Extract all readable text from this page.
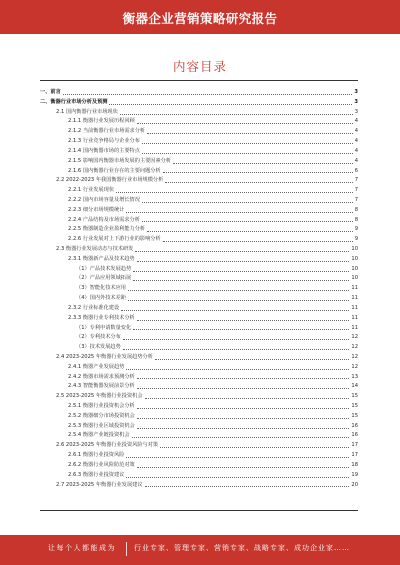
衡器企业营销策略研究报告
内容目录
一、前言	3
二、衡器行业市场分析及预测	3
2.1 国内衡器行业市场现状	3
2.1.1 衡器行业发展历程回顾	4
2.1.2 当前衡器行业市场需求分析	4
2.1.3 行业竞争格局与企业分布	4
2.1.4 国内衡器市场的主要特点	4
2.1.5 影响国内衡器市场发展的主要因素分析	4
2.1.6 国内衡器行业存在的主要问题分析	6
2.2 2022-2023 年我国衡器行业市场规模分析	7
2.2.1 行业发展现状	7
2.2.2 国内市场容量及增长情况	7
2.2.3 细分市场规模统计	8
2.2.4 产品结构及市场需求分析	8
2.2.5 衡器制造企业盈利能力分析	9
2.2.6 行业发展对上下游行业的影响分析	9
2.3 衡器行业发展动态与技术研发	10
2.3.1 衡器新产品及技术趋势	10
（1）产品技术发展趋势	10
（2）产品应用领域拓展	10
（3）智能化技术应用	11
（4）国内外技术差距	11
2.3.2 行业标准化建设	11
2.3.3 衡器行业专利技术分析	11
（1）专利申请数量变化	11
（2）专利技术分布	12
（3）技术发展趋势	12
2.4 2023-2025 年衡器行业发展趋势分析	12
2.4.1 衡器产业发展趋势	12
2.4.2 衡器市场需求预测分析	13
2.4.3 智能衡器发展前景分析	14
2.5 2023-2025 年衡器行业投资机会	15
2.5.1 衡器行业投资机会分析	15
2.5.2 衡器细分市场投资机会	15
2.5.3 衡器行业区域投资机会	16
2.5.4 衡器产业链投资机会	16
2.6 2023-2025 年衡器行业投资风险与对策	17
2.6.1 衡器行业投资风险	17
2.6.2 衡器行业风险防范对策	18
2.6.3 衡器行业投资建议	19
2.7 2023-2025 年衡器行业发展建议	20
让每个人都能成为	行业专家、管理专家、营销专家、战略专家、成功企业家……
